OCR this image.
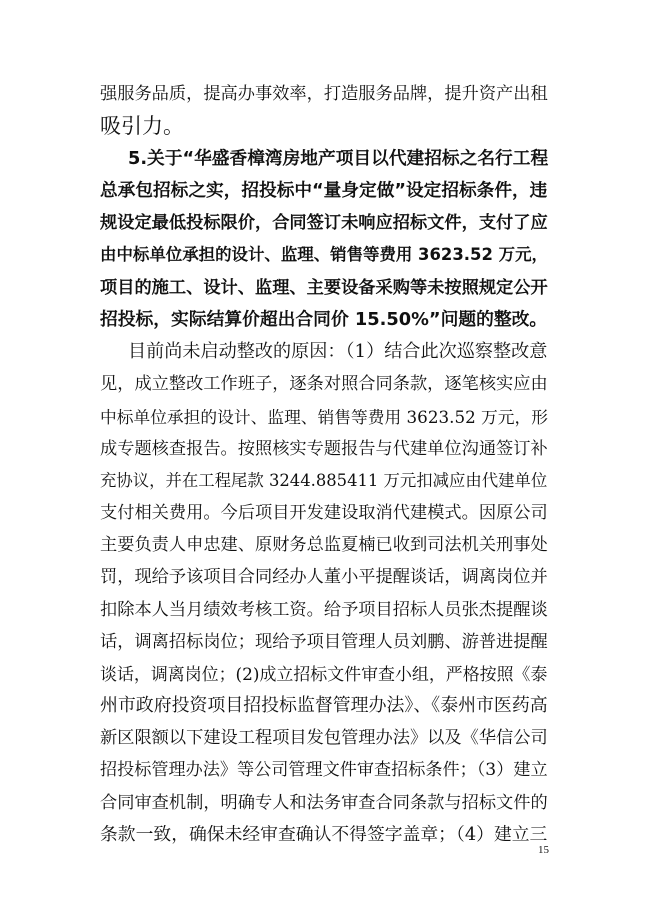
强服务品质，提高办事效率，打造服务品牌，提升资产出租
吸引力。
5.关于“华盛香樟湾房地产项目以代建招标之名行工程
总承包招标之实，招投标中“量身定做”设定招标条件，违
规设定最低投标限价，合同签订未响应招标文件，支付了应
由中标单位承担的设计、监理、销售等费用 3623.52 万元，
项目的施工、设计、监理、主要设备采购等未按照规定公开
招投标，实际结算价超出合同价 15.50%”问题的整改。
目前尚未启动整改的原因：（1）结合此次巡察整改意
见，成立整改工作班子，逐条对照合同条款，逐笔核实应由
中标单位承担的设计、监理、销售等费用 3623.52 万元，形
成专题核查报告。按照核实专题报告与代建单位沟通签订补
充协议，并在工程尾款 3244.885411 万元扣减应由代建单位
支付相关费用。今后项目开发建设取消代建模式。因原公司
主要负责人申忠建、原财务总监夏楠已收到司法机关刑事处
罚，现给予该项目合同经办人董小平提醒谈话，调离岗位并
扣除本人当月绩效考核工资。给予项目招标人员张杰提醒谈
话，调离招标岗位；现给予项目管理人员刘鹏、游普进提醒
谈话，调离岗位；(2)成立招标文件审查小组，严格按照《泰
州市政府投资项目招投标监督管理办法》、《泰州市医药高
新区限额以下建设工程项目发包管理办法》以及《华信公司
招投标管理办法》等公司管理文件审查招标条件；（3）建立
合同审查机制，明确专人和法务审查合同条款与招标文件的
条款一致，确保未经审查确认不得签字盖章；（4）建立三
15
